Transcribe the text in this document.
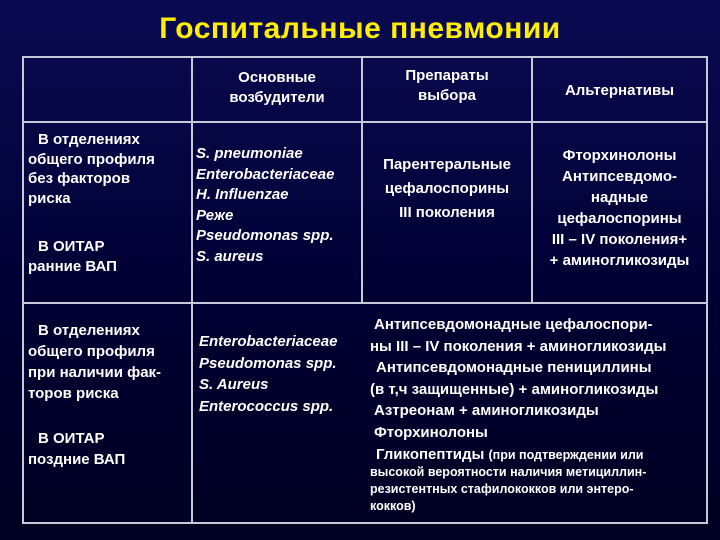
Госпитальные пневмонии
Основные
возбудители
Препараты
выбора	Альтернативы
В отделениях
общего профиля
без факторов
риска
В ОИТАР
ранние ВАП
S. pneumoniae
Enterobacteriaceae
H. Influenzae
Реже
Pseudomonas spp.
S. aureus
Парентеральные
цефалоспорины
III поколения
Фторхинолоны
Антипсевдомо-
надные
цефалоспорины
III – IV поколения+
+ аминогликозиды
В отделениях
общего профиля
при наличии фак-
торов риска
В ОИТАР
поздние ВАП
Enterobacteriaceae
Pseudomonas spp.
S. Aureus
Enterococcus spp.
Антипсевдомонадные цефалоспори-
ны III – IV поколения + аминогликозиды
Антипсевдомонадные пенициллины
(в т,ч защищенные) + аминогликозиды
Азтреонам + аминогликозиды
Фторхинолоны
Гликопептиды (при подтверждении или
высокой вероятности наличия метициллин-
резистентных стафилококков или энтеро-
кокков)
